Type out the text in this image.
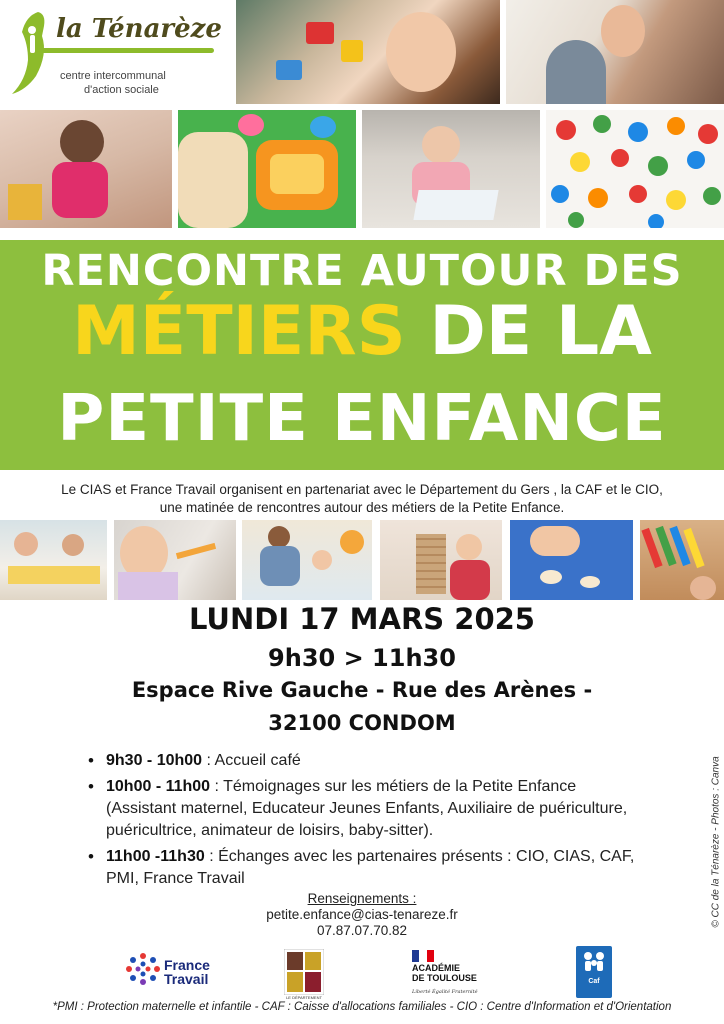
la Ténarèze
centre intercommunal
d'action sociale
RENCONTRE AUTOUR DES
MÉTIERS DE LA
PETITE ENFANCE
Le CIAS et France Travail organisent en partenariat avec le Département du Gers , la CAF et le CIO,
une matinée de rencontres autour des métiers de la Petite Enfance.
LUNDI 17 MARS 2025
9h30 > 11h30
Espace Rive Gauche - Rue des Arènes -
32100 CONDOM
• 9h30 - 10h00 : Accueil café
• 10h00 - 11h00 : Témoignages sur les métiers de la Petite Enfance (Assistant maternel, Educateur Jeunes Enfants, Auxiliaire de puériculture, puéricultrice, animateur de loisirs, baby-sitter).
• 11h00 -11h30 : Échanges avec les partenaires présents : CIO, CIAS, CAF, PMI, France Travail
Renseignements :
petite.enfance@cias-tenareze.fr
07.87.07.70.82
© CC de la Ténarèze - Photos : Canva
France
Travail
LE DÉPARTEMENT
ACADÉMIE
DE TOULOUSE
Liberté Égalité Fraternité
Caf
*PMI : Protection maternelle et infantile - CAF : Caisse d'allocations familiales - CIO : Centre d'Information et d'Orientation
